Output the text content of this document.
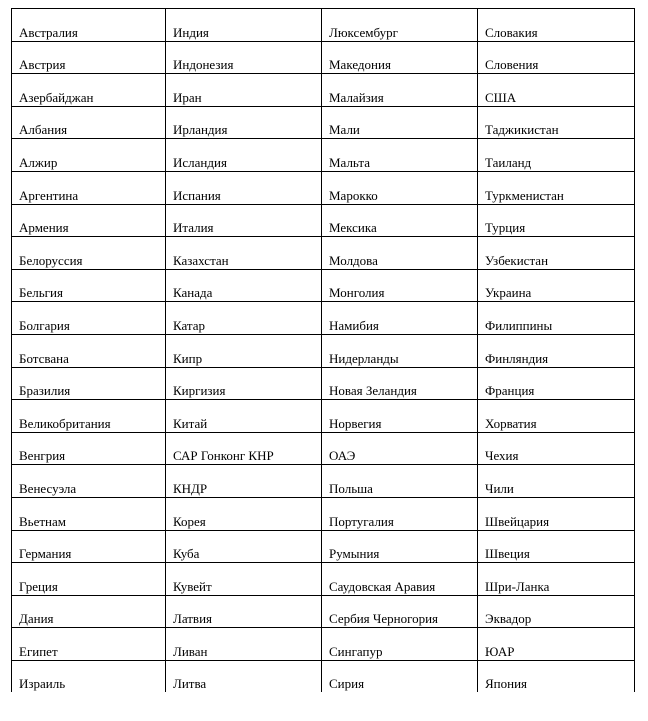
Австралия	Индия	Люксембург	Словакия
Австрия	Индонезия	Македония	Словения
Азербайджан	Иран	Малайзия	США
Албания	Ирландия	Мали	Таджикистан
Алжир	Исландия	Мальта	Таиланд
Аргентина	Испания	Марокко	Туркменистан
Армения	Италия	Мексика	Турция
Белоруссия	Казахстан	Молдова	Узбекистан
Бельгия	Канада	Монголия	Украина
Болгария	Катар	Намибия	Филиппины
Ботсвана	Кипр	Нидерланды	Финляндия
Бразилия	Киргизия	Новая Зеландия	Франция
Великобритания	Китай	Норвегия	Хорватия
Венгрия	САР Гонконг КНР	ОАЭ	Чехия
Венесуэла	КНДР	Польша	Чили
Вьетнам	Корея	Португалия	Швейцария
Германия	Куба	Румыния	Швеция
Греция	Кувейт	Саудовская Аравия	Шри-Ланка
Дания	Латвия	Сербия Черногория	Эквадор
Египет	Ливан	Сингапур	ЮАР
Израиль	Литва	Сирия	Япония
